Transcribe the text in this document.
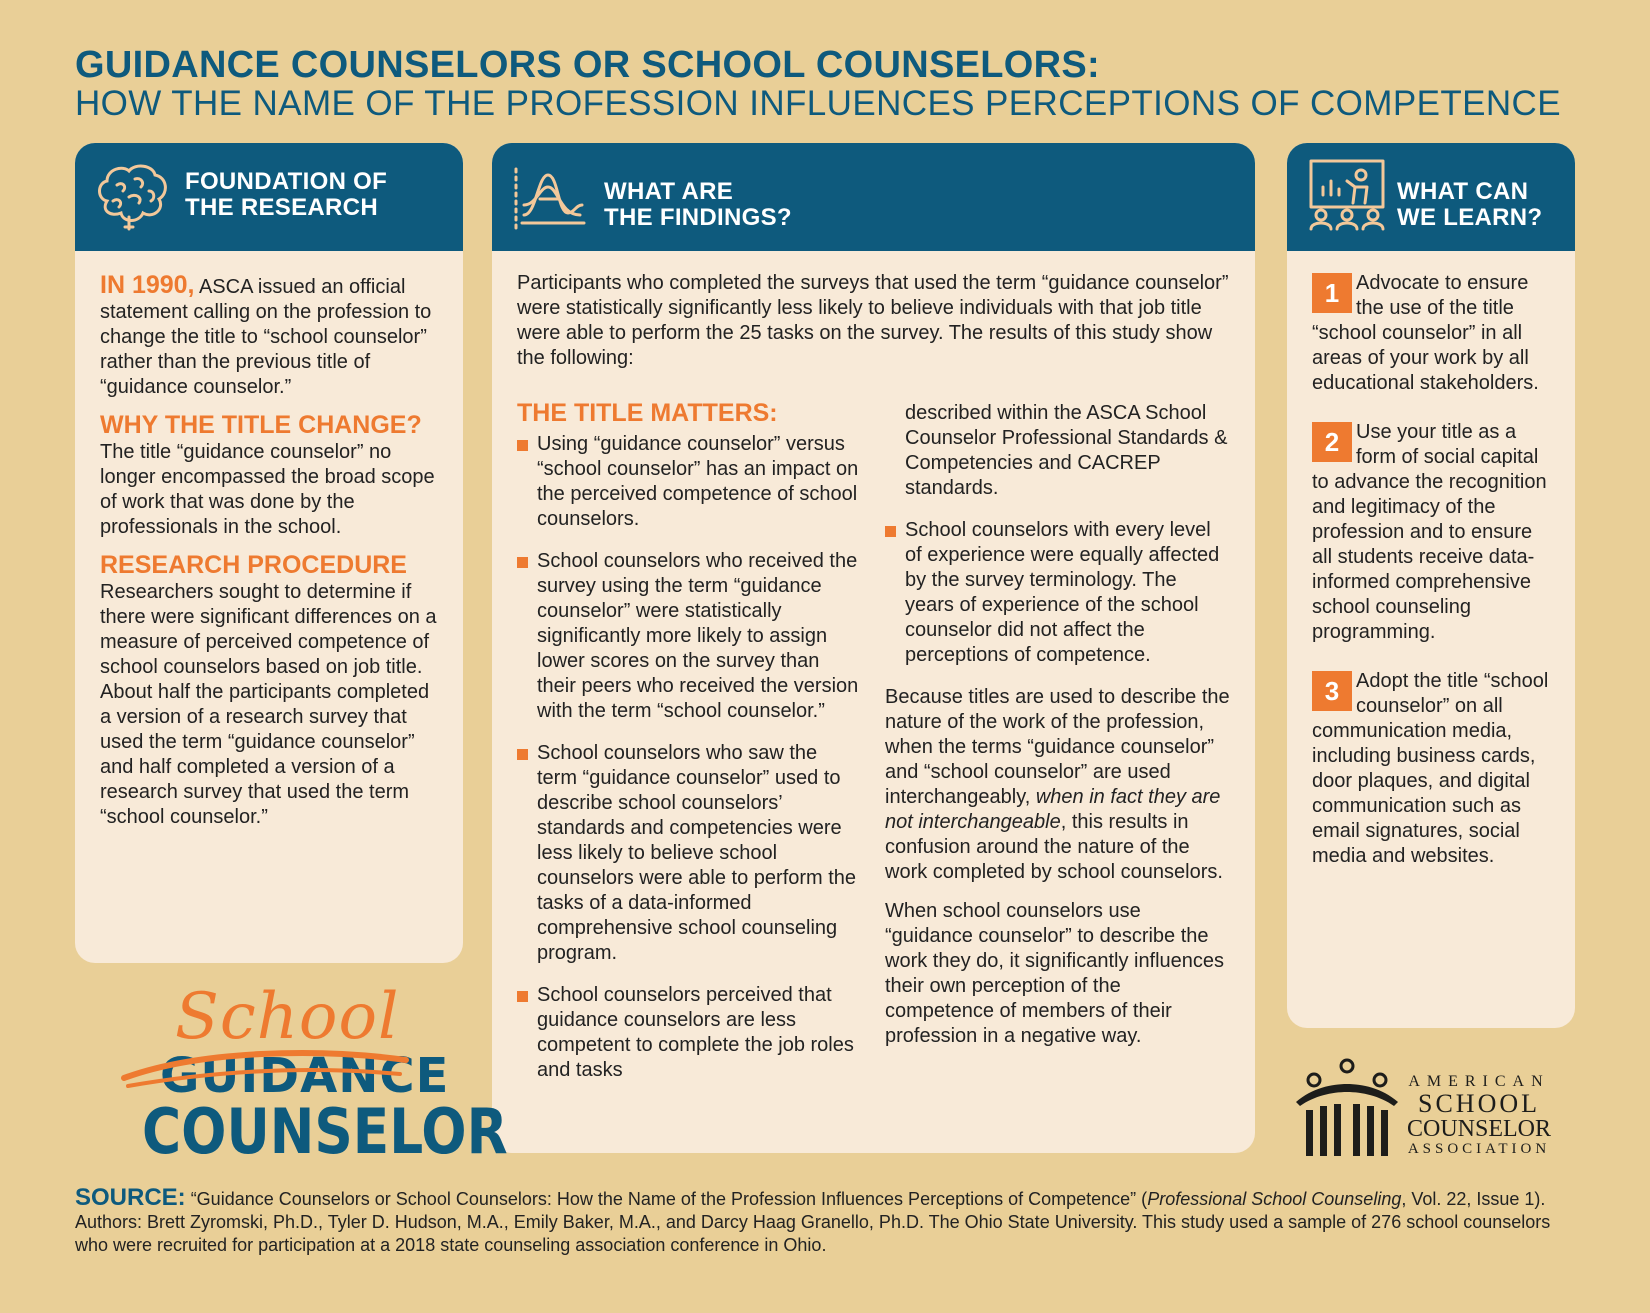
GUIDANCE COUNSELORS OR SCHOOL COUNSELORS:
HOW THE NAME OF THE PROFESSION INFLUENCES PERCEPTIONS OF COMPETENCE
FOUNDATION OF
THE RESEARCH

IN 1990, ASCA issued an official statement calling on the profession to change the title to “school counselor” rather than the previous title of “guidance counselor.”

WHY THE TITLE CHANGE?

The title “guidance counselor” no longer encompassed the broad scope of work that was done by the professionals in the school.

RESEARCH PROCEDURE

Researchers sought to determine if there were significant differences on a measure of perceived competence of school counselors based on job title. About half the participants completed a version of a research survey that used the term “guidance counselor” and half completed a version of a research survey that used the term “school counselor.”

WHAT ARE
THE FINDINGS?
Participants who completed the surveys that used the term “guidance counselor” were statistically significantly less likely to believe individuals with that job title were able to perform the 25 tasks on the survey. The results of this study show the following:
THE TITLE MATTERS:
Using “guidance counselor” versus “school counselor” has an impact on the perceived competence of school counselors.
School counselors who received the survey using the term “guidance counselor” were statistically significantly more likely to assign lower scores on the survey than their peers who received the version with the term “school counselor.”
School counselors who saw the term “guidance counselor” used to describe school counselors’ standards and competencies were less likely to believe school counselors were able to perform the tasks of a data-informed comprehensive school counseling program.
School counselors perceived that guidance counselors are less competent to complete the job roles and tasks
described within the ASCA School Counselor Professional Standards & Competencies and CACREP standards.
School counselors with every level of experience were equally affected by the survey terminology. The years of experience of the school counselor did not affect the perceptions of competence.

Because titles are used to describe the nature of the work of the profession, when the terms “guidance counselor” and “school counselor” are used interchangeably, when in fact they are not interchangeable, this results in confusion around the nature of the work completed by school counselors.

When school counselors use “guidance counselor” to describe the work they do, it significantly influences their own perception of the competence of members of their profession in a negative way.

WHAT CAN
WE LEARN?
1 Advocate to ensure the use of the title “school counselor” in all areas of your work by all educational stakeholders.
2 Use your title as a form of social capital to advance the recognition and legitimacy of the profession and to ensure all students receive data-informed comprehensive school counseling programming.
3 Adopt the title “school counselor” on all communication media, including business cards, door plaques, and digital communication such as email signatures, social media and websites.
School
GUIDANCE
COUNSELOR
AMERICAN
SCHOOL
COUNSELOR
ASSOCIATION
SOURCE: “Guidance Counselors or School Counselors: How the Name of the Profession Influences Perceptions of Competence” (Professional School Counseling, Vol. 22, Issue 1). Authors: Brett Zyromski, Ph.D., Tyler D. Hudson, M.A., Emily Baker, M.A., and Darcy Haag Granello, Ph.D. The Ohio State University. This study used a sample of 276 school counselors who were recruited for participation at a 2018 state counseling association conference in Ohio.
